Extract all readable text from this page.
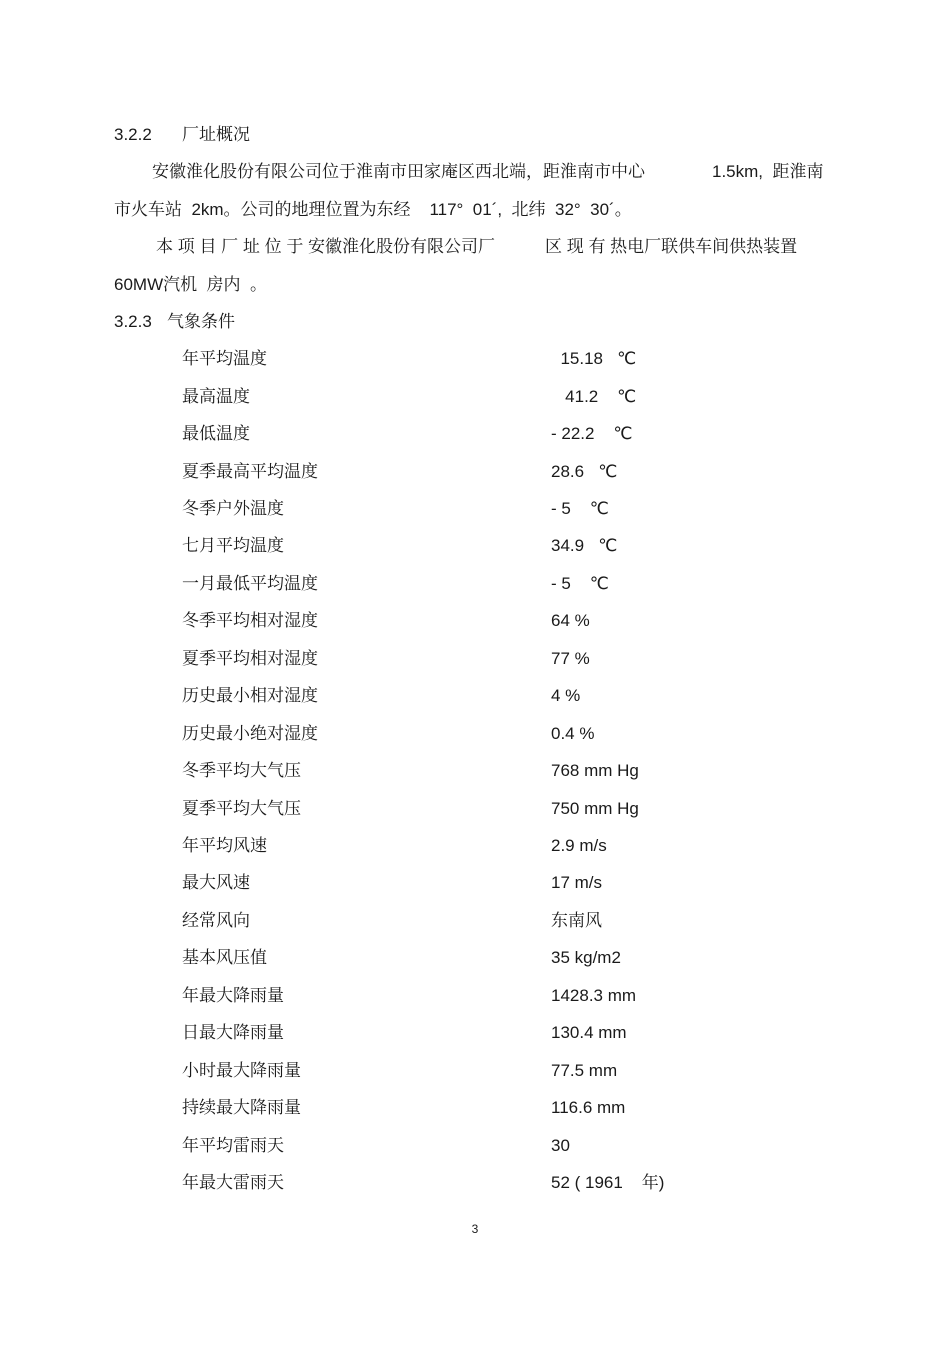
3.2.2 厂址概况
安徽淮化股份有限公司位于淮南市田家庵区西北端，距淮南市中心	1.5km,  距淮南
市火车站  2km。公司的地理位置为东经    117°  01´,  北纬  32°  30´。
本 项 目 厂 址 位 于 安徽淮化股份有限公司厂	区 现 有 热电厂联供车间供热装置
60MW汽机  房内  。
3.2.3 气象条件
年平均温度	15.18   ℃
最高温度	41.2    ℃
最低温度	- 22.2    ℃
夏季最高平均温度	28.6   ℃
冬季户外温度	- 5    ℃
七月平均温度	34.9   ℃
一月最低平均温度	- 5    ℃
冬季平均相对湿度	64 %
夏季平均相对湿度	77 %
历史最小相对湿度	4 %
历史最小绝对湿度	0.4 %
冬季平均大气压	768 mm Hg
夏季平均大气压	750 mm Hg
年平均风速	2.9 m/s
最大风速	17 m/s
经常风向	东南风
基本风压值	35 kg/m2
年最大降雨量	1428.3 mm
日最大降雨量	130.4 mm
小时最大降雨量	77.5 mm
持续最大降雨量	116.6 mm
年平均雷雨天	30
年最大雷雨天	52 ( 1961    年)
3
